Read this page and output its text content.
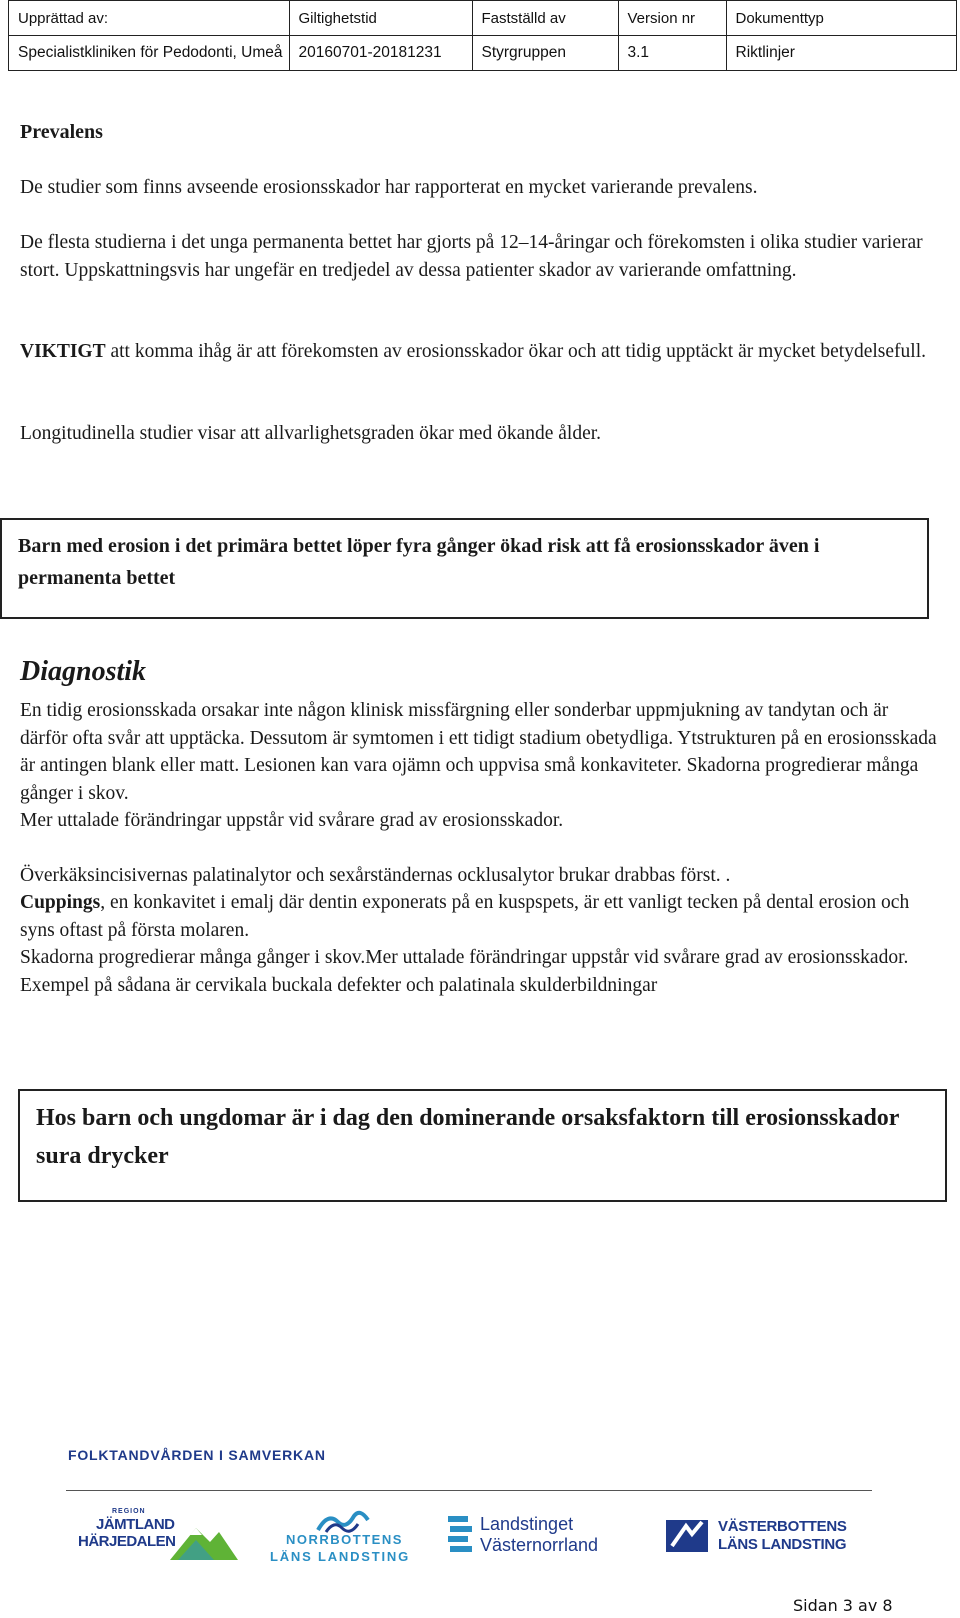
Upprättad av:	Giltighetstid	Fastställd av	Version nr	Dokumenttyp
Specialistkliniken för Pedodonti, Umeå	20160701-20181231	Styrgruppen	3.1	Riktlinjer
Prevalens

De studier som finns avseende erosionsskador har rapporterat en mycket varierande prevalens.

De flesta studierna i det unga permanenta bettet har gjorts på 12–14-åringar och förekomsten i olika studier varierar stort. Uppskattningsvis har ungefär en tredjedel av dessa patienter skador av varierande omfattning.

VIKTIGT att komma ihåg är att förekomsten av erosionsskador ökar och att tidig upptäckt är mycket betydelsefull.

Longitudinella studier visar att allvarlighetsgraden ökar med ökande ålder.

Barn med erosion i det primära bettet löper fyra gånger ökad risk att få erosionsskador även i permanenta bettet
Diagnostik

En tidig erosionsskada orsakar inte någon klinisk missfärgning eller sonderbar uppmjukning av tandytan och är därför ofta svår att upptäcka. Dessutom är symtomen i ett tidigt stadium obetydliga. Ytstrukturen på en erosionsskada är antingen blank eller matt. Lesionen kan vara ojämn och uppvisa små konkaviteter. Skadorna progredierar många gånger i skov.

Mer uttalade förändringar uppstår vid svårare grad av erosionsskador.

Överkäksincisivernas palatinalytor och sexårständernas ocklusalytor brukar drabbas först. .

Cuppings, en konkavitet i emalj där dentin exponerats på en kuspspets, är ett vanligt tecken på dental erosion och syns oftast på första molaren.

Skadorna progredierar många gånger i skov.Mer uttalade förändringar uppstår vid svårare grad av erosionsskador. Exempel på sådana är cervikala buckala defekter och palatinala skulderbildningar

Hos barn och ungdomar är i dag den dominerande orsaksfaktorn till erosionsskador sura drycker
FOLKTANDVÅRDEN I SAMVERKAN
REGION
JÄMTLAND
HÄRJEDALEN	NORRBOTTENS
LÄNS LANDSTING
Landstinget
Västernorrland
VÄSTERBOTTENS
LÄNS LANDSTING
Sidan 3 av 8
